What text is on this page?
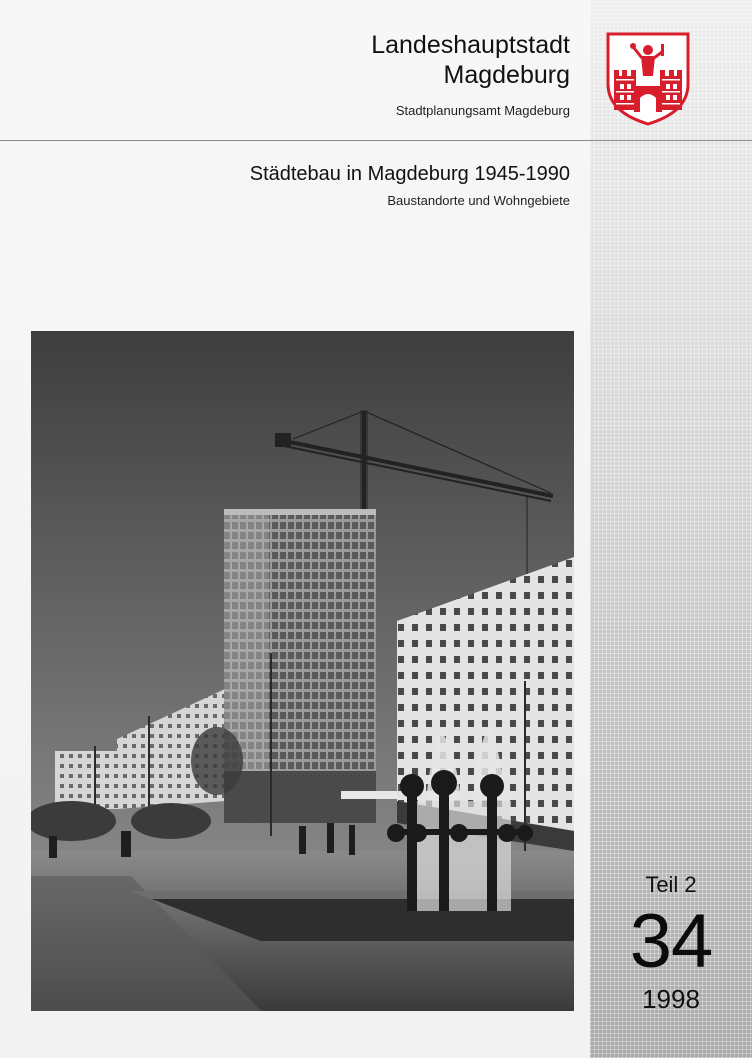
Landeshauptstadt
Magdeburg
Stadtplanungsamt Magdeburg
Städtebau in Magdeburg 1945-1990
Baustandorte und Wohngebiete
Teil 2
34
1998
